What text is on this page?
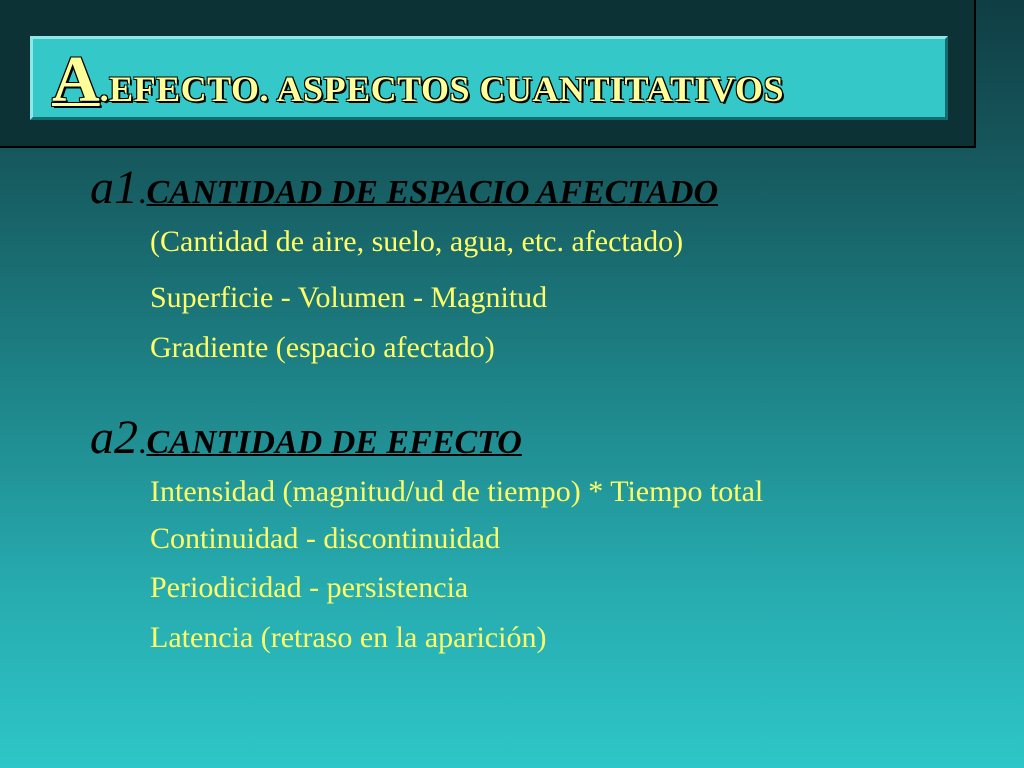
A .EFECTO. ASPECTOS CUANTITATIVOS
a1 . CANTIDAD DE ESPACIO AFECTADO
(Cantidad de aire, suelo, agua, etc. afectado)
Superficie - Volumen - Magnitud
Gradiente (espacio afectado)
a2 . CANTIDAD DE EFECTO
Intensidad (magnitud/ud de tiempo) * Tiempo total
Continuidad - discontinuidad
Periodicidad - persistencia
Latencia (retraso en la aparición)
